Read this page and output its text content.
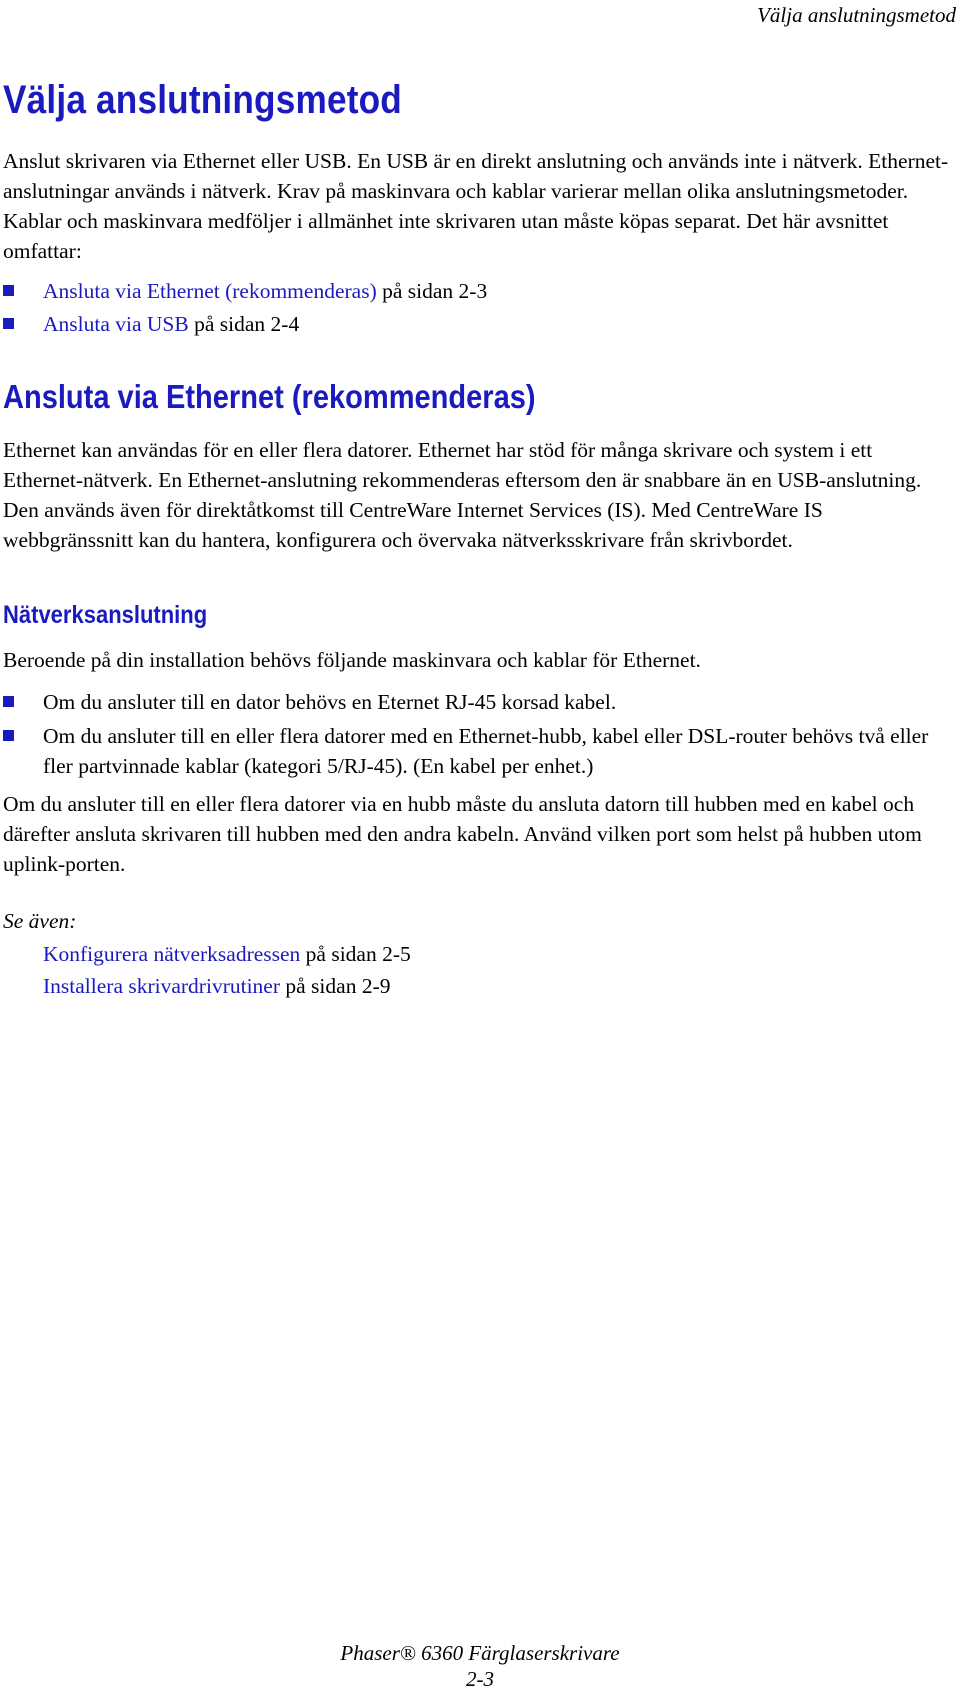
Välja anslutningsmetod
Välja anslutningsmetod

Anslut skrivaren via Ethernet eller USB. En USB är en direkt anslutning och används inte i nätverk. Ethernet-anslutningar används i nätverk. Krav på maskinvara och kablar varierar mellan olika anslutningsmetoder. Kablar och maskinvara medföljer i allmänhet inte skrivaren utan måste köpas separat. Det här avsnittet omfattar:

Ansluta via Ethernet (rekommenderas) på sidan 2-3
Ansluta via USB på sidan 2-4
Ansluta via Ethernet (rekommenderas)

Ethernet kan användas för en eller flera datorer. Ethernet har stöd för många skrivare och system i ett Ethernet-nätverk. En Ethernet-anslutning rekommenderas eftersom den är snabbare än en USB-anslutning. Den används även för direktåtkomst till CentreWare Internet Services (IS). Med CentreWare IS webbgränssnitt kan du hantera, konfigurera och övervaka nätverksskrivare från skrivbordet.

Nätverksanslutning

Beroende på din installation behövs följande maskinvara och kablar för Ethernet.

Om du ansluter till en dator behövs en Eternet RJ-45 korsad kabel.
Om du ansluter till en eller flera datorer med en Ethernet-hubb, kabel eller DSL-router behövs två eller fler partvinnade kablar (kategori 5/RJ-45). (En kabel per enhet.)

Om du ansluter till en eller flera datorer via en hubb måste du ansluta datorn till hubben med en kabel och därefter ansluta skrivaren till hubben med den andra kabeln. Använd vilken port som helst på hubben utom uplink-porten.

Se även:

Konfigurera nätverksadressen på sidan 2-5
Installera skrivardrivrutiner på sidan 2-9
Phaser® 6360 Färglaserskrivare
2-3
